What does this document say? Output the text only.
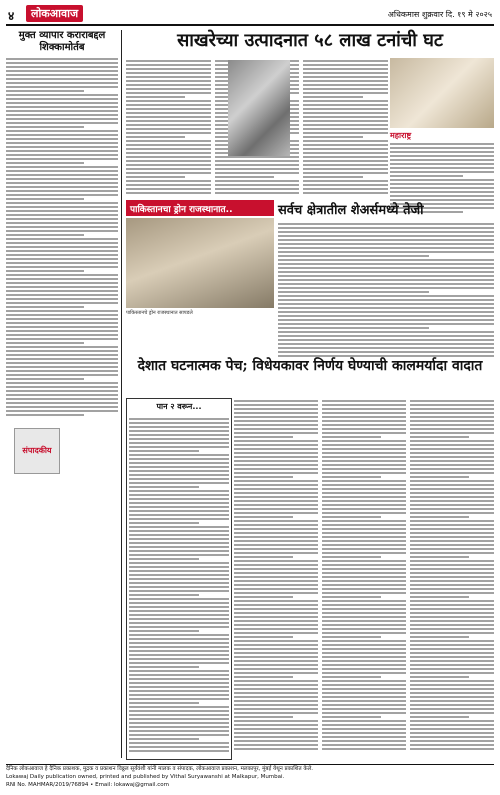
४	लोकआवाज	अधिकमास शुक्रवार दि. १९ मे २०२५
मुक्त व्यापार कराराबद्दल शिक्कामोर्तब
संपादकीय
साखरेच्या उत्पादनात ५८ लाख टनांची घट
महाराष्ट्र
पाकिस्तानचा ड्रोन राजस्थानात..	सर्वच क्षेत्रातील शेअर्समध्ये तेजी
पाकिस्तानचे ड्रोन राजस्थानात सापडले
देशात घटनात्मक पेच; विधेयकावर निर्णय घेण्याची कालमर्यादा वादात
पान २ वरून...
दैनिक लोकआवाज हे दैनिक प्रकाशक, मुद्रक व प्रकाशन विठ्ठल सूर्यवंशी यांनी मालक व संपादक, लोकआवाज प्रकाशन, मलकापूर, मुंबई येथून प्रकाशित केले.
Lokawaj Daily publication owned, printed and published by Vithal Suryawanshi at Malkapur, Mumbai.
RNI No. MAHMAR/2019/76894 • Email: lokawaj@gmail.com
